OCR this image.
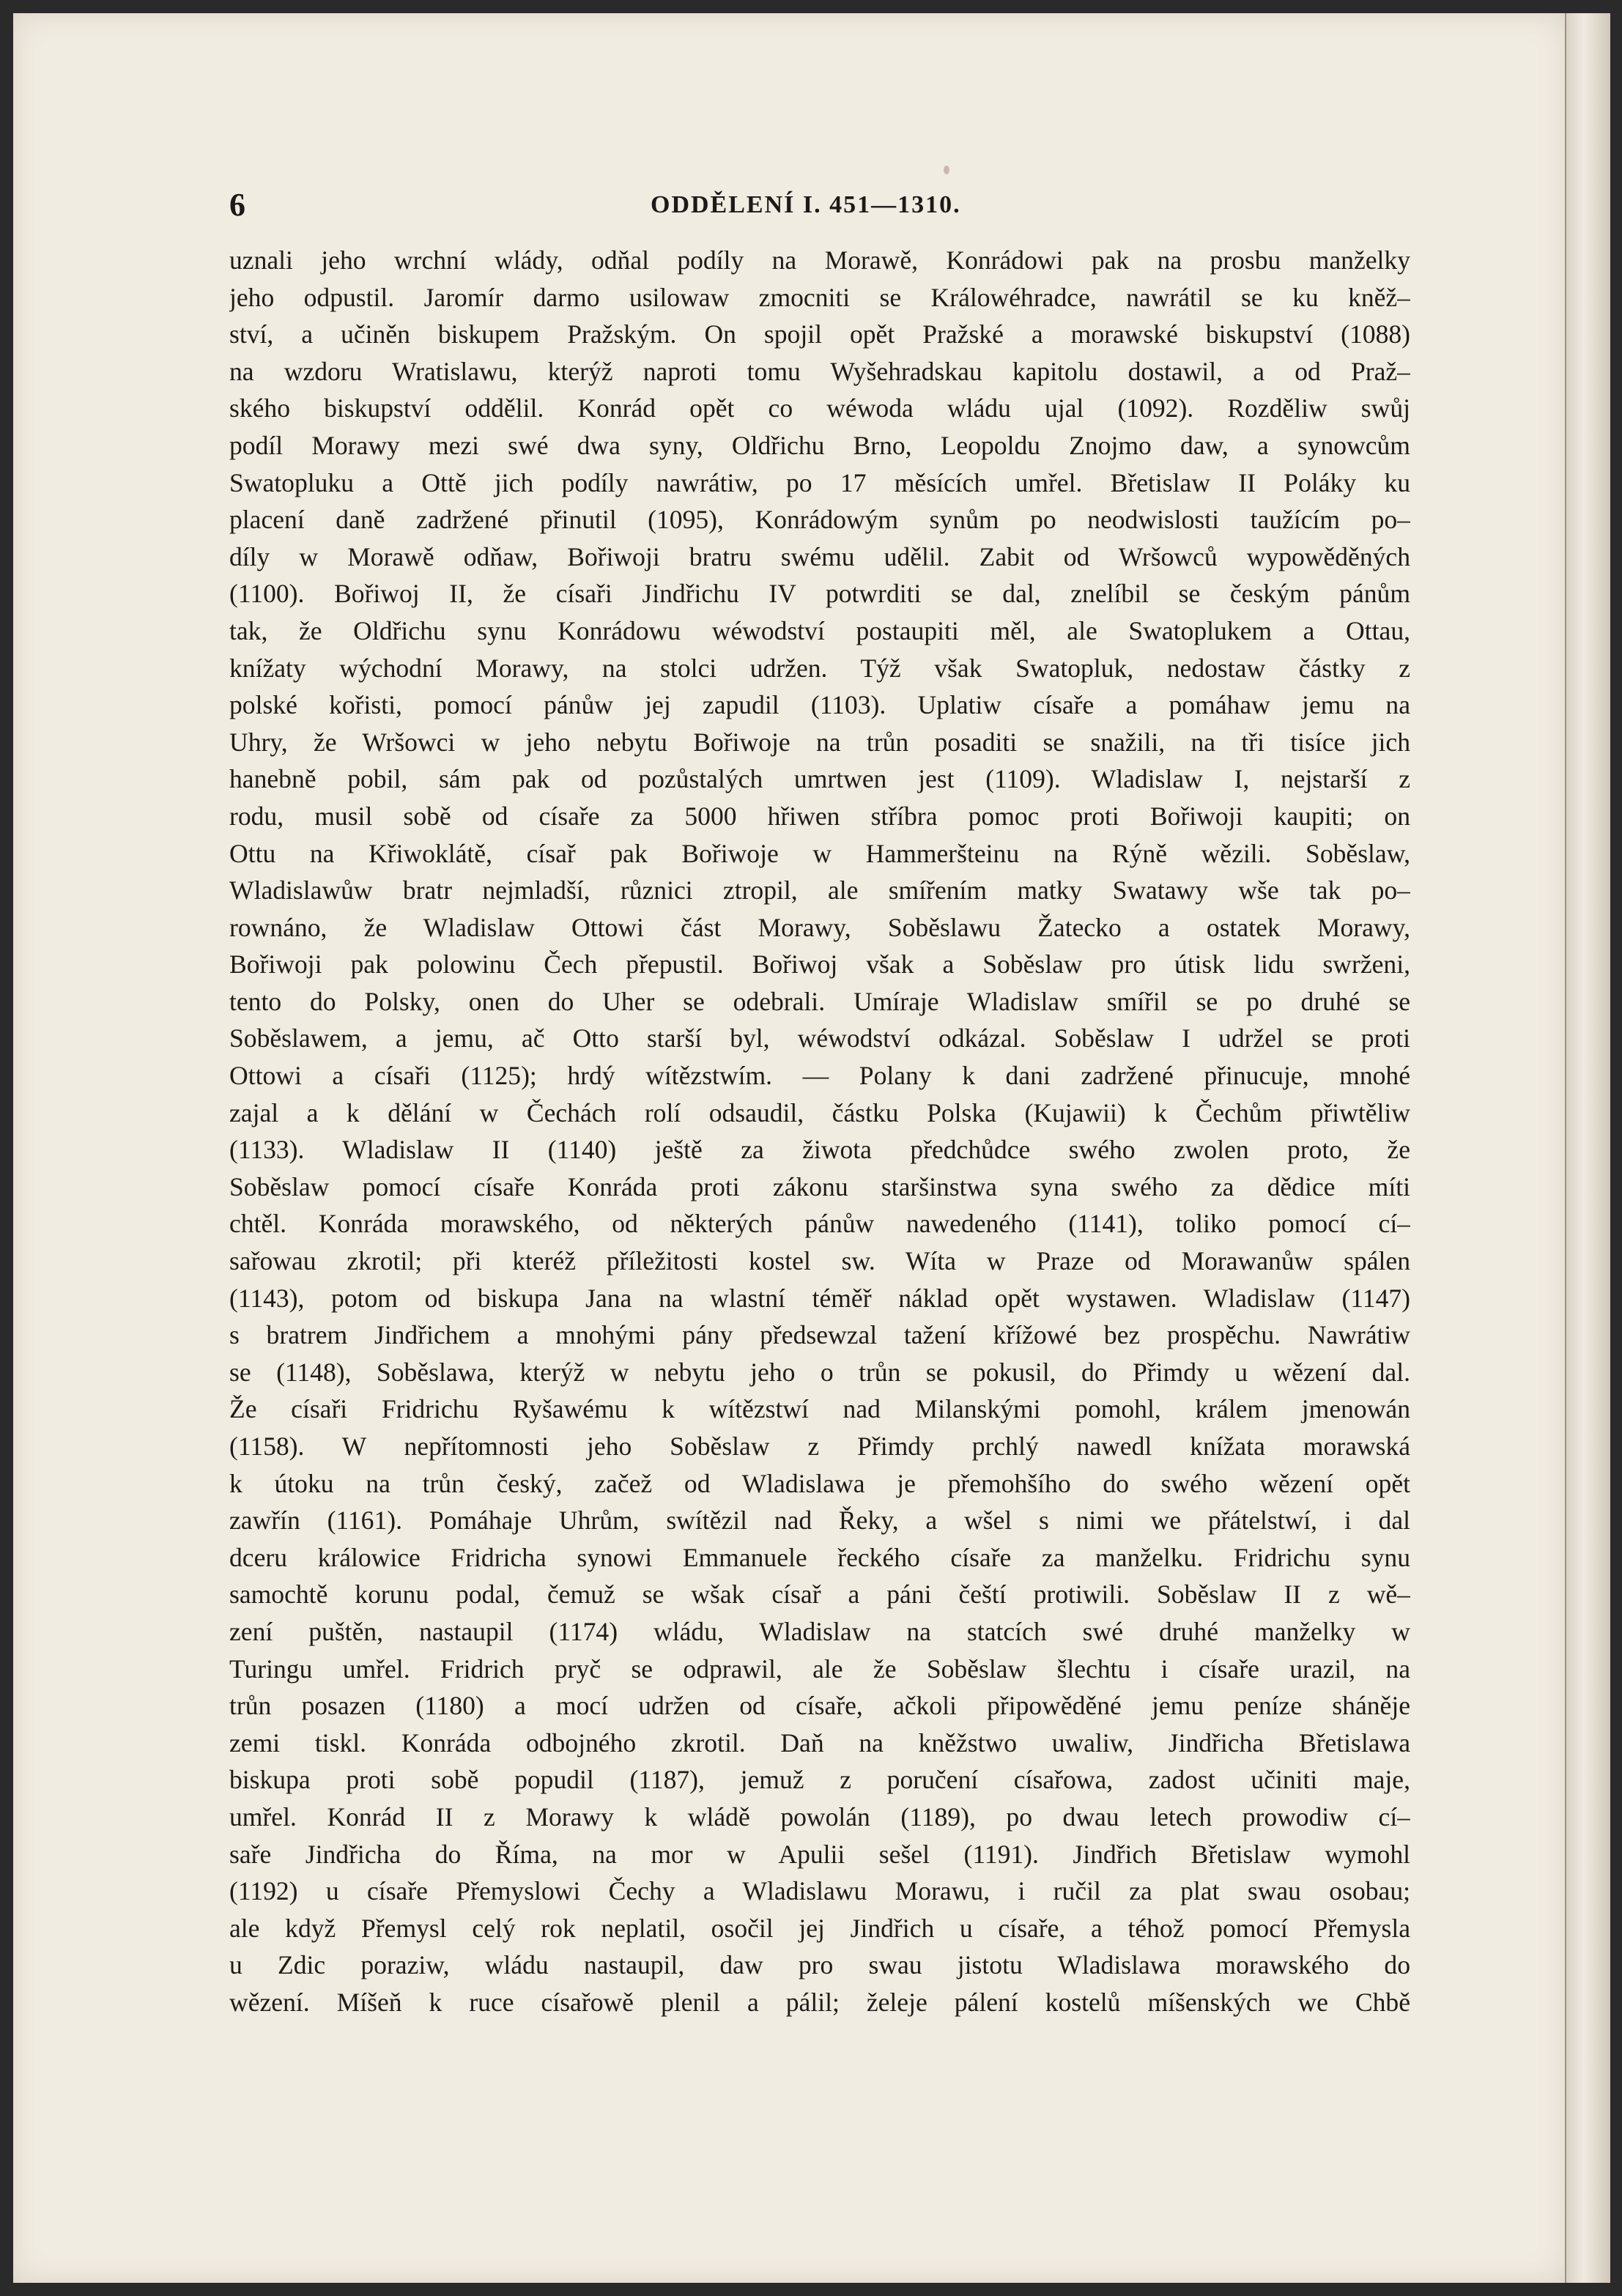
6	ODDĚLENÍ I. 451—1310.
uznali jeho wrchní wlády, odňal podíly na Morawě, Konrádowi pak na prosbu manželky
jeho odpustil. Jaromír darmo usilowaw zmocniti se Králowéhradce, nawrátil se ku kněž–
ství, a učiněn biskupem Pražským. On spojil opět Pražské a morawské biskupství (1088)
na wzdoru Wratislawu, kterýž naproti tomu Wyšehradskau kapitolu dostawil, a od Praž–
ského biskupství oddělil. Konrád opět co wéwoda wládu ujal (1092). Rozděliw swůj
podíl Morawy mezi swé dwa syny, Oldřichu Brno, Leopoldu Znojmo daw, a synowcům
Swatopluku a Ottě jich podíly nawrátiw, po 17 měsících umřel. Břetislaw II Poláky ku
placení daně zadržené přinutil (1095), Konrádowým synům po neodwislosti taužícím po–
díly w Morawě odňaw, Bořiwoji bratru swému udělil. Zabit od Wršowců wypowěděných
(1100). Bořiwoj II, že císaři Jindřichu IV potwrditi se dal, znelíbil se českým pánům
tak, že Oldřichu synu Konrádowu wéwodství postaupiti měl, ale Swatoplukem a Ottau,
knížaty wýchodní Morawy, na stolci udržen. Týž však Swatopluk, nedostaw částky z
polské kořisti, pomocí pánůw jej zapudil (1103). Uplatiw císaře a pomáhaw jemu na
Uhry, že Wršowci w jeho nebytu Bořiwoje na trůn posaditi se snažili, na tři tisíce jich
hanebně pobil, sám pak od pozůstalých umrtwen jest (1109). Wladislaw I, nejstarší z
rodu, musil sobě od císaře za 5000 hřiwen stříbra pomoc proti Bořiwoji kaupiti; on
Ottu na Křiwoklátě, císař pak Bořiwoje w Hammeršteinu na Rýně wězili. Soběslaw,
Wladislawůw bratr nejmladší, různici ztropil, ale smířením matky Swatawy wše tak po–
rownáno, že Wladislaw Ottowi část Morawy, Soběslawu Žatecko a ostatek Morawy,
Bořiwoji pak polowinu Čech přepustil. Bořiwoj však a Soběslaw pro útisk lidu swrženi,
tento do Polsky, onen do Uher se odebrali. Umíraje Wladislaw smířil se po druhé se
Soběslawem, a jemu, ač Otto starší byl, wéwodství odkázal. Soběslaw I udržel se proti
Ottowi a císaři (1125); hrdý wítězstwím. — Polany k dani zadržené přinucuje, mnohé
zajal a k dělání w Čechách rolí odsaudil, částku Polska (Kujawii) k Čechům přiwtěliw
(1133). Wladislaw II (1140) ještě za žiwota předchůdce swého zwolen proto, že
Soběslaw pomocí císaře Konráda proti zákonu staršinstwa syna swého za dědice míti
chtěl. Konráda morawského, od některých pánůw nawedeného (1141), toliko pomocí cí–
sařowau zkrotil; při kteréž příležitosti kostel sw. Wíta w Praze od Morawanůw spálen
(1143), potom od biskupa Jana na wlastní téměř náklad opět wystawen. Wladislaw (1147)
s bratrem Jindřichem a mnohými pány předsewzal tažení křížowé bez prospěchu. Nawrátiw
se (1148), Soběslawa, kterýž w nebytu jeho o trůn se pokusil, do Přimdy u wězení dal.
Že císaři Fridrichu Ryšawému k wítězstwí nad Milanskými pomohl, králem jmenowán
(1158). W nepřítomnosti jeho Soběslaw z Přimdy prchlý nawedl knížata morawská
k útoku na trůn český, začež od Wladislawa je přemohšího do swého wězení opět
zawřín (1161). Pomáhaje Uhrům, swítězil nad Řeky, a wšel s nimi we přátelstwí, i dal
dceru králowice Fridricha synowi Emmanuele řeckého císaře za manželku. Fridrichu synu
samochtě korunu podal, čemuž se wšak císař a páni čeští protiwili. Soběslaw II z wě–
zení puštěn, nastaupil (1174) wládu, Wladislaw na statcích swé druhé manželky w
Turingu umřel. Fridrich pryč se odprawil, ale že Soběslaw šlechtu i císaře urazil, na
trůn posazen (1180) a mocí udržen od císaře, ačkoli připowěděné jemu peníze sháněje
zemi tiskl. Konráda odbojného zkrotil. Daň na kněžstwo uwaliw, Jindřicha Břetislawa
biskupa proti sobě popudil (1187), jemuž z poručení císařowa, zadost učiniti maje,
umřel. Konrád II z Morawy k wládě powolán (1189), po dwau letech prowodiw cí–
saře Jindřicha do Říma, na mor w Apulii sešel (1191). Jindřich Břetislaw wymohl
(1192) u císaře Přemyslowi Čechy a Wladislawu Morawu, i ručil za plat swau osobau;
ale když Přemysl celý rok neplatil, osočil jej Jindřich u císaře, a téhož pomocí Přemysla
u Zdic poraziw, wládu nastaupil, daw pro swau jistotu Wladislawa morawského do
wězení. Míšeň k ruce císařowě plenil a pálil; želeje pálení kostelů míšenských we Chbě
